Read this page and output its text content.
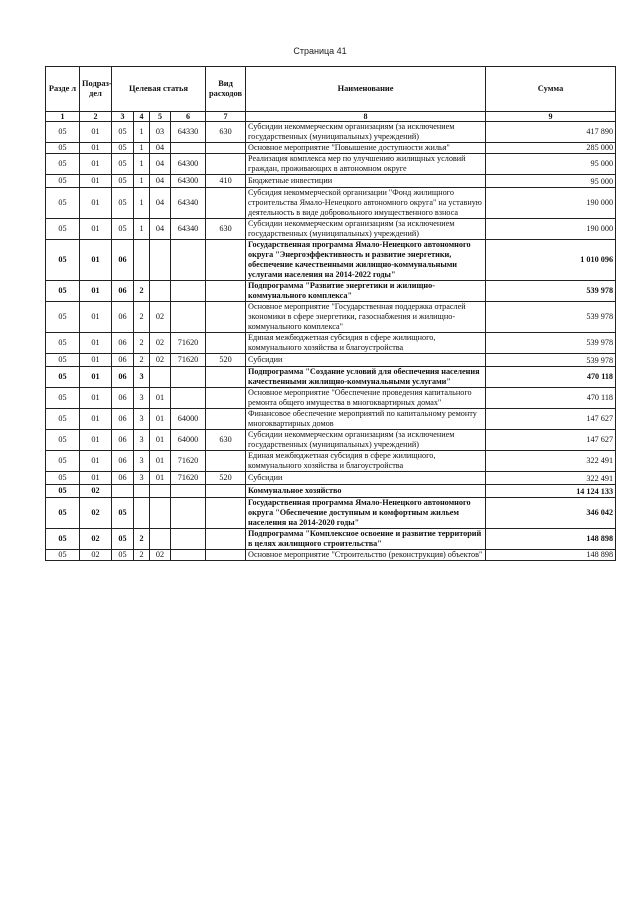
Страница 41
Разде л	Подраз- дел	Целевая статья				Вид расходов	Наименование	Сумма
1	2	3	4	5	6	7	8	9
05	01	05	1	03	64330	630	Субсидии некоммерческим организациям (за исключением государственных (муниципальных) учреждений)	417 890
05	01	05	1	04			Основное мероприятие "Повышение доступности жилья"	285 000
05	01	05	1	04	64300		Реализация комплекса мер по улучшению жилищных условий граждан, проживающих в автономном округе	95 000
05	01	05	1	04	64300	410	Бюджетные инвестиции	95 000
05	01	05	1	04	64340		Субсидия некоммерческой организации "Фонд жилищного строительства Ямало-Ненецкого автономного округа" на уставную деятельность в виде добровольного имущественного взноса	190 000
05	01	05	1	04	64340	630	Субсидии некоммерческим организациям (за исключением государственных (муниципальных) учреждений)	190 000
05	01	06					Государственная программа Ямало-Ненецкого автономного округа "Энергоэффективность и развитие энергетики, обеспечение качественными жилищно-коммунальными услугами населения на 2014-2022 годы"	1 010 096
05	01	06	2				Подпрограмма "Развитие энергетики и жилищно-коммунального комплекса"	539 978
05	01	06	2	02			Основное мероприятие "Государственная поддержка отраслей экономики в сфере энергетики, газоснабжения и жилищно-коммунального комплекса"	539 978
05	01	06	2	02	71620		Единая межбюджетная субсидия в сфере жилищного, коммунального хозяйства и благоустройства	539 978
05	01	06	2	02	71620	520	Субсидии	539 978
05	01	06	3				Подпрограмма "Создание условий для обеспечения населения качественными жилищно-коммунальными услугами"	470 118
05	01	06	3	01			Основное мероприятие "Обеспечение проведения капитального ремонта общего имущества в многоквартирных домах"	470 118
05	01	06	3	01	64000		Финансовое обеспечение мероприятий по капитальному ремонту многоквартирных домов	147 627
05	01	06	3	01	64000	630	Субсидии некоммерческим организациям (за исключением государственных (муниципальных) учреждений)	147 627
05	01	06	3	01	71620		Единая межбюджетная субсидия в сфере жилищного, коммунального хозяйства и благоустройства	322 491
05	01	06	3	01	71620	520	Субсидии	322 491
05	02						Коммунальное хозяйство	14 124 133
05	02	05					Государственная программа Ямало-Ненецкого автономного округа "Обеспечение доступным и комфортным жильем населения на 2014-2020 годы"	346 042
05	02	05	2				Подпрограмма "Комплексное освоение и развитие территорий в целях жилищного строительства"	148 898
05	02	05	2	02			Основное мероприятие "Строительство (реконструкция) объектов"	148 898
